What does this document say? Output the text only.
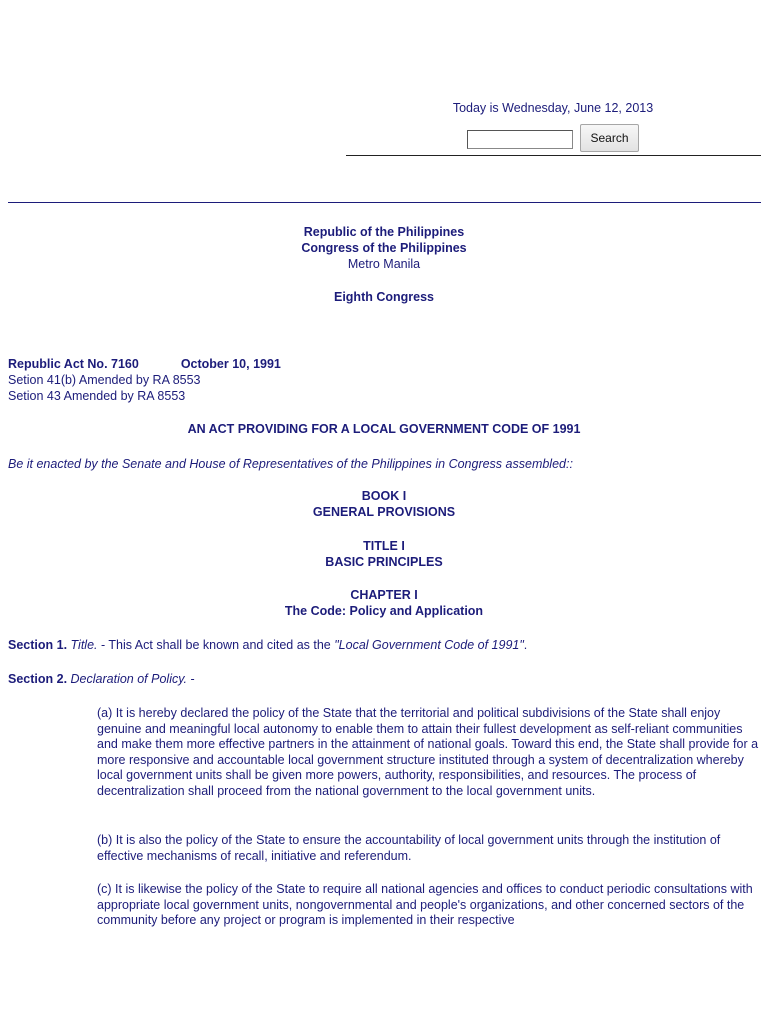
Today is Wednesday, June 12, 2013
Search
Republic of the Philippines
Congress of the Philippines
Metro Manila
Eighth Congress
Republic Act No. 7160	October 10, 1991
Setion 41(b) Amended by RA 8553
Setion 43 Amended by RA 8553
AN ACT PROVIDING FOR A LOCAL GOVERNMENT CODE OF 1991
Be it enacted by the Senate and House of Representatives of the Philippines in Congress assembled::
BOOK I
GENERAL PROVISIONS
TITLE I
BASIC PRINCIPLES
CHAPTER I
The Code: Policy and Application
Section 1. Title. - This Act shall be known and cited as the "Local Government Code of 1991".
Section 2. Declaration of Policy. -
(a) It is hereby declared the policy of the State that the territorial and political subdivisions of the State shall enjoy genuine and meaningful local autonomy to enable them to attain their fullest development as self-reliant communities and make them more effective partners in the attainment of national goals. Toward this end, the State shall provide for a more responsive and accountable local government structure instituted through a system of decentralization whereby local government units shall be given more powers, authority, responsibilities, and resources. The process of decentralization shall proceed from the national government to the local government units.
(b) It is also the policy of the State to ensure the accountability of local government units through the institution of effective mechanisms of recall, initiative and referendum.
(c) It is likewise the policy of the State to require all national agencies and offices to conduct periodic consultations with appropriate local government units, nongovernmental and people's organizations, and other concerned sectors of the community before any project or program is implemented in their respective
